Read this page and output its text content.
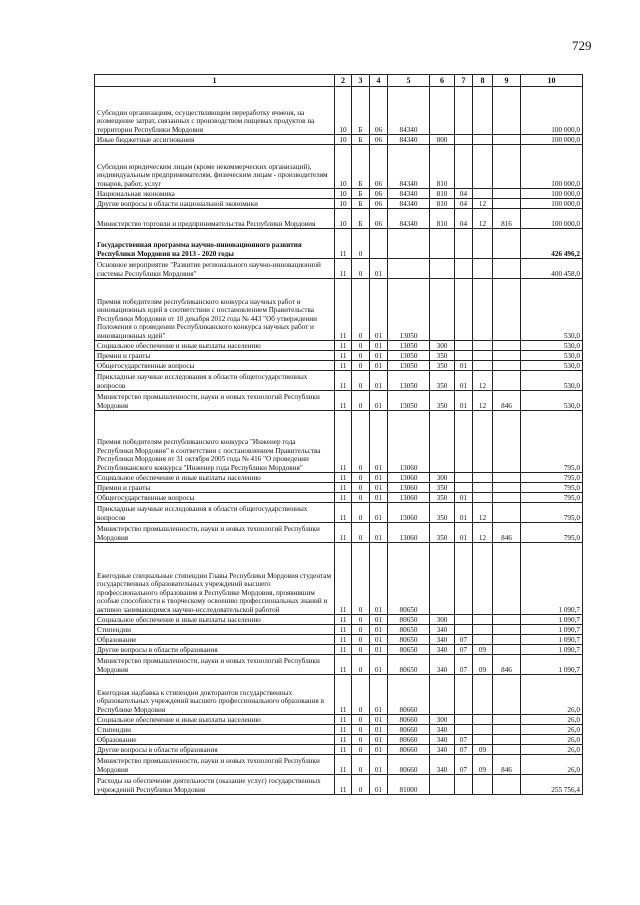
729
1	2	3	4	5	6	7	8	9	10
Субсидии организациям, осуществляющим переработку ячменя, на возмещение затрат, связанных с производством пищевых продуктов на территории Республики Мордовия	10	Б	06	84340					100 000,0
Иные бюджетные ассигнования	10	Б	06	84340	800				100 000,0
Субсидии юридическим лицам (кроме некоммерческих организаций), индивидуальным предпринимателям, физическим лицам - производителям товаров, работ, услуг	10	Б	06	84340	810				100 000,0
Национальная экономика	10	Б	06	84340	810	04			100 000,0
Другие вопросы в области национальной экономики	10	Б	06	84340	810	04	12		100 000,0
Министерство торговли и предпринимательства Республики Мордовия	10	Б	06	84340	810	04	12	816	100 000,0
Государственная программа научно-инновационного развития Республики Мордовия на 2013 - 2020 годы	11	0							426 496,2
Основное мероприятие "Развитие регионального научно-инновационной системы Республики Мордовия"	11	0	01						400 458,0
Премия победителям республиканского конкурса научных работ и инновационных идей в соответствии с постановлением Правительства Республики Мордовия от 10 декабря 2012 года № 443 "Об утверждении Положения о проведении Республиканского конкурса научных работ и инновационных идей"	11	0	01	13050					530,0
Социальное обеспечение и иные выплаты населению	11	0	01	13050	300				530,0
Премии и гранты	11	0	01	13050	350				530,0
Общегосударственные вопросы	11	0	01	13050	350	01			530,0
Прикладные научные исследования в области общегосударственных вопросов	11	0	01	13050	350	01	12		530,0
Министерство промышленности, науки и новых технологий Республики Мордовия	11	0	01	13050	350	01	12	846	530,0
Премия победителям республиканского конкурса "Инженер года Республики Мордовия" в соответствии с постановлением Правительства Республики Мордовия от 31 октября 2005 года № 416 "О проведении Республиканского конкурса "Инженер года Республики Мордовия"	11	0	01	13060					795,0
Социальное обеспечение и иные выплаты населению	11	0	01	13060	300				795,0
Премии и гранты	11	0	01	13060	350				795,0
Общегосударственные вопросы	11	0	01	13060	350	01			795,0
Прикладные научные исследования в области общегосударственных вопросов	11	0	01	13060	350	01	12		795,0
Министерство промышленности, науки и новых технологий Республики Мордовия	11	0	01	13060	350	01	12	846	795,0
Ежегодные специальные стипендии Главы Республики Мордовия студентам государственных образовательных учреждений высшего профессионального образования в Республике Мордовия, проявившим особые способности к творческому освоению профессиональных знаний и активно занимающимся научно-исследовательской работой	11	0	01	80650					1 090,7
Социальное обеспечение и иные выплаты населению	11	0	01	80650	300				1 090,7
Стипендии	11	0	01	80650	340				1 090,7
Образование	11	0	01	80650	340	07			1 090,7
Другие вопросы в области образования	11	0	01	80650	340	07	09		1 090,7
Министерство промышленности, науки и новых технологий Республики Мордовия	11	0	01	80650	340	07	09	846	1 090,7
Ежегодная надбавка к стипендии докторантов государственных образовательных учреждений высшего профессионального образования в Республике Мордовия	11	0	01	80660					26,0
Социальное обеспечение и иные выплаты населению	11	0	01	80660	300				26,0
Стипендии	11	0	01	80660	340				26,0
Образование	11	0	01	80660	340	07			26,0
Другие вопросы в области образования	11	0	01	80660	340	07	09		26,0
Министерство промышленности, науки и новых технологий Республики Мордовия	11	0	01	80660	340	07	09	846	26,0
Расходы на обеспечение деятельности (оказание услуг) государственных учреждений Республики Мордовия	11	0	01	81000					255 756,4
